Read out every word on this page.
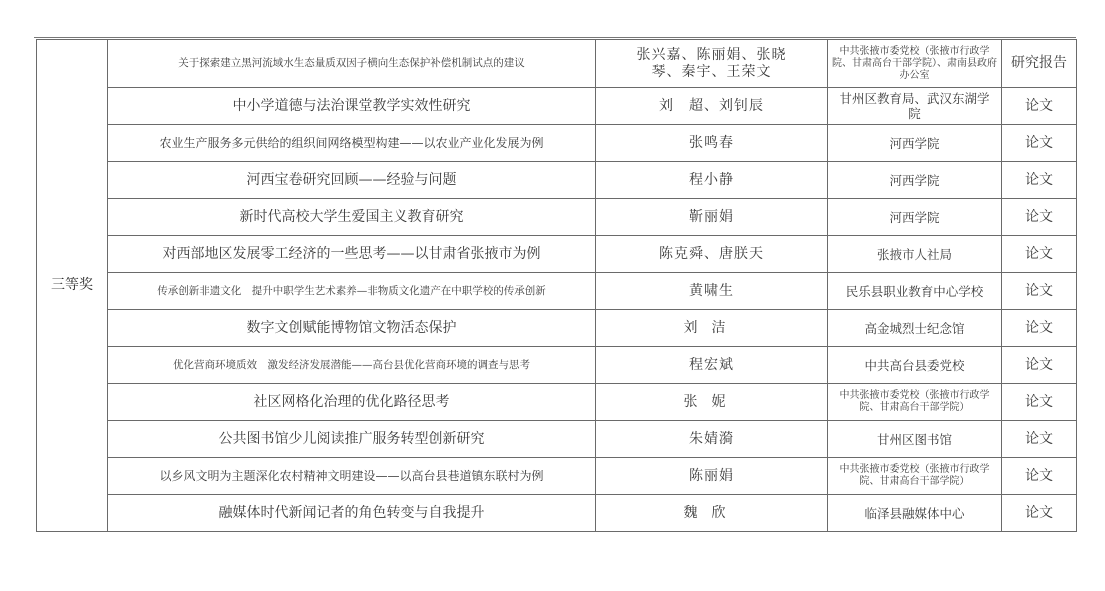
三等奖	关于探索建立黑河流域水生态量质双因子横向生态保护补偿机制试点的建议	张兴嘉、陈丽娟、张晓琴、秦宇、王荣文	中共张掖市委党校（张掖市行政学院、甘肃高台干部学院）、肃南县政府办公室	研究报告
	中小学道德与法治课堂教学实效性研究	刘　超、刘钊辰	甘州区教育局、武汉东湖学院	论文
	农业生产服务多元供给的组织间网络模型构建——以农业产业化发展为例	张鸣春	河西学院	论文
	河西宝卷研究回顾——经验与问题	程小静	河西学院	论文
	新时代高校大学生爱国主义教育研究	靳丽娟	河西学院	论文
	对西部地区发展零工经济的一些思考——以甘肃省张掖市为例	陈克舜、唐朕天	张掖市人社局	论文
	传承创新非遗文化　提升中职学生艺术素养—非物质文化遗产在中职学校的传承创新	黄啸生	民乐县职业教育中心学校	论文
	数字文创赋能博物馆文物活态保护	刘洁	高金城烈士纪念馆	论文
	优化营商环境质效　激发经济发展潜能——高台县优化营商环境的调查与思考	程宏斌	中共高台县委党校	论文
	社区网格化治理的优化路径思考	张妮	中共张掖市委党校（张掖市行政学院、甘肃高台干部学院）	论文
	公共图书馆少儿阅读推广服务转型创新研究	朱婧漪	甘州区图书馆	论文
	以乡风文明为主题深化农村精神文明建设——以高台县巷道镇东联村为例	陈丽娟	中共张掖市委党校（张掖市行政学院、甘肃高台干部学院）	论文
	融媒体时代新闻记者的角色转变与自我提升	魏欣	临泽县融媒体中心	论文
